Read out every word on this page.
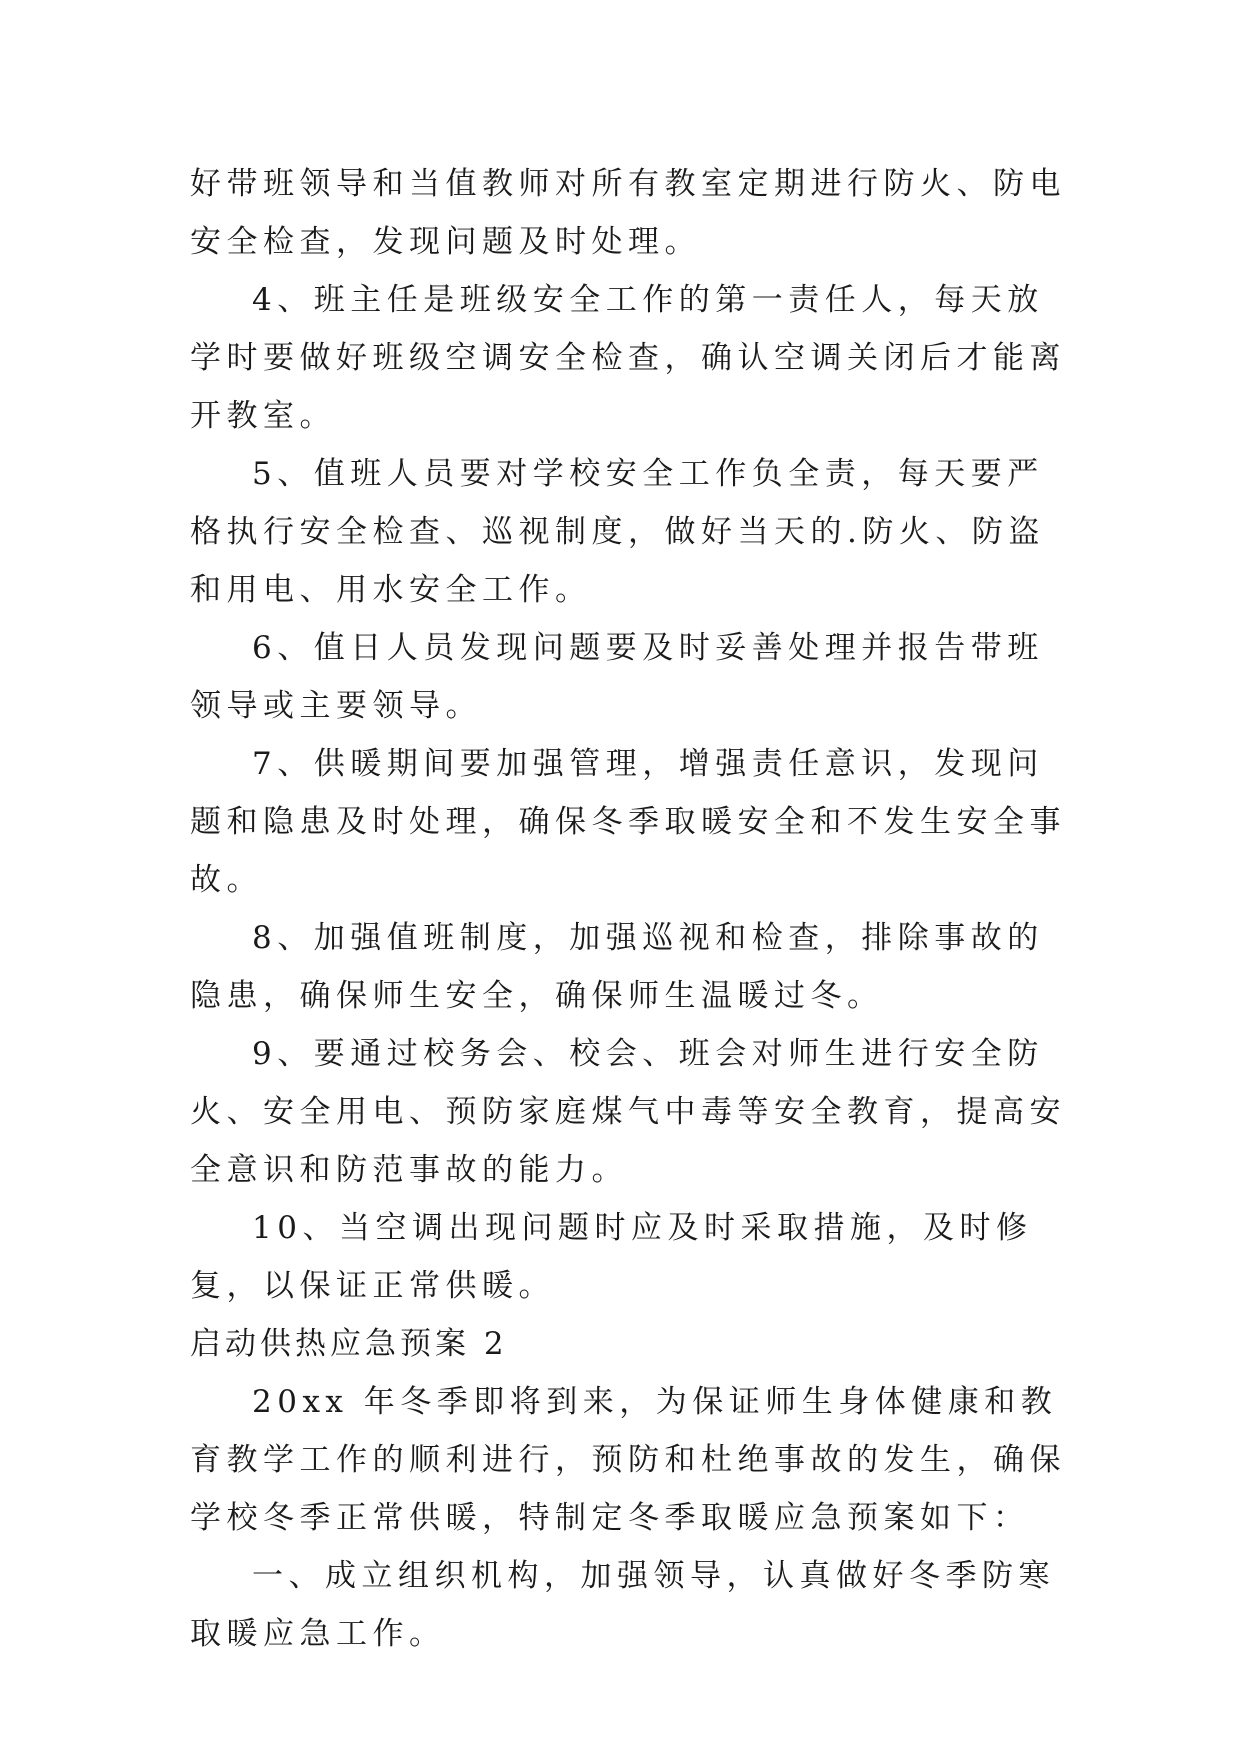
好带班领导和当值教师对所有教室定期进行防火、防电安全检查，发现问题及时处理。

4、班主任是班级安全工作的第一责任人，每天放学时要做好班级空调安全检查，确认空调关闭后才能离开教室。

5、值班人员要对学校安全工作负全责，每天要严格执行安全检查、巡视制度，做好当天的.防火、防盗和用电、用水安全工作。

6、值日人员发现问题要及时妥善处理并报告带班领导或主要领导。

7、供暖期间要加强管理，增强责任意识，发现问题和隐患及时处理，确保冬季取暖安全和不发生安全事故。

8、加强值班制度，加强巡视和检查，排除事故的隐患，确保师生安全，确保师生温暖过冬。

9、要通过校务会、校会、班会对师生进行安全防火、安全用电、预防家庭煤气中毒等安全教育，提高安全意识和防范事故的能力。

10、当空调出现问题时应及时采取措施，及时修复，以保证正常供暖。

启动供热应急预案 2

20xx 年冬季即将到来，为保证师生身体健康和教育教学工作的顺利进行，预防和杜绝事故的发生，确保学校冬季正常供暖，特制定冬季取暖应急预案如下：

一、成立组织机构，加强领导，认真做好冬季防寒取暖应急工作。
